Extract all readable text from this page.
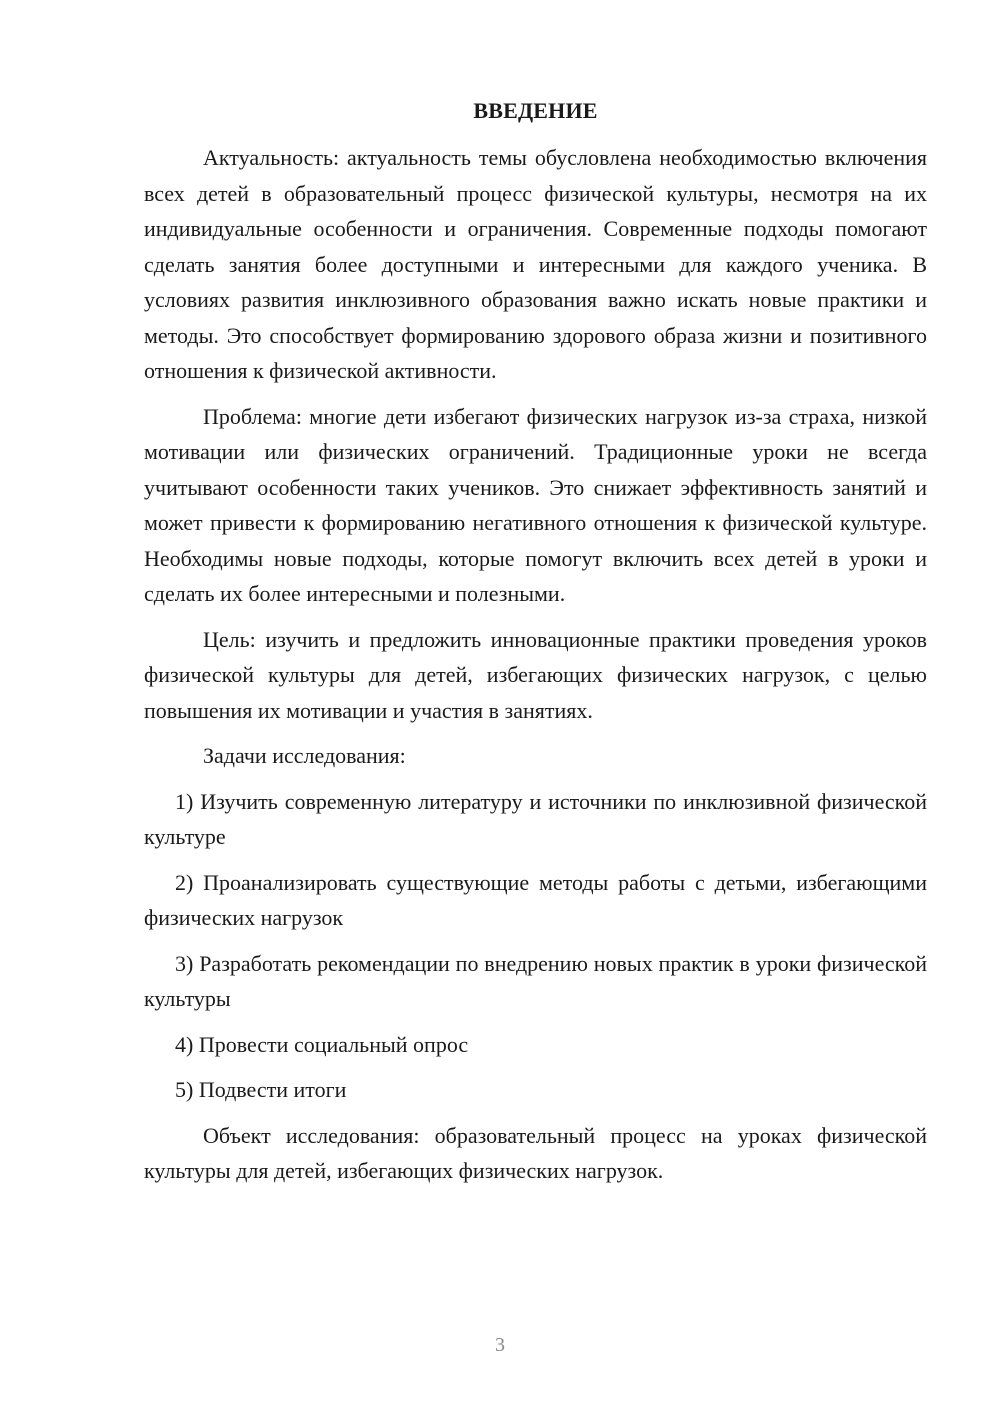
ВВЕДЕНИЕ

Актуальность: актуальность темы обусловлена необходимостью включения всех детей в образовательный процесс физической культуры, несмотря на их индивидуальные особенности и ограничения. Современные подходы помогают сделать занятия более доступными и интересными для каждого ученика. В условиях развития инклюзивного образования важно искать новые практики и методы. Это способствует формированию здорового образа жизни и позитивного отношения к физической активности.

Проблема: многие дети избегают физических нагрузок из-за страха, низкой мотивации или физических ограничений. Традиционные уроки не всегда учитывают особенности таких учеников. Это снижает эффективность занятий и может привести к формированию негативного отношения к физической культуре. Необходимы новые подходы, которые помогут включить всех детей в уроки и сделать их более интересными и полезными.

Цель: изучить и предложить инновационные практики проведения уроков физической культуры для детей, избегающих физических нагрузок, с целью повышения их мотивации и участия в занятиях.

Задачи исследования:

1) Изучить современную литературу и источники по инклюзивной физической культуре

2) Проанализировать существующие методы работы с детьми, избегающими физических нагрузок

3) Разработать рекомендации по внедрению новых практик в уроки физической культуры

4) Провести социальный опрос

5) Подвести итоги

Объект исследования: образовательный процесс на уроках физической культуры для детей, избегающих физических нагрузок.

3
